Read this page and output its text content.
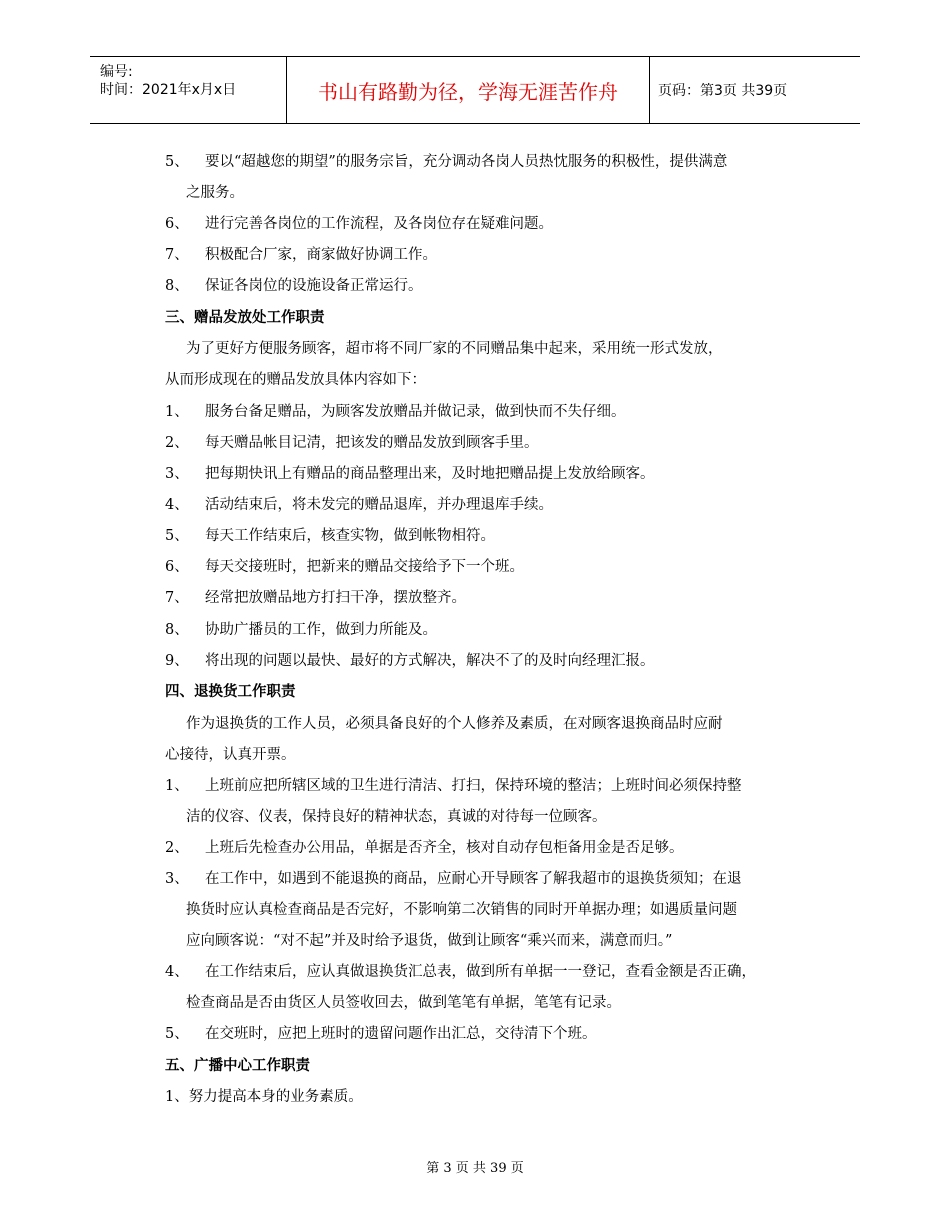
编号:
时间：2021年x月x日	书山有路勤为径，学海无涯苦作舟	页码：第3页 共39页
5、 要以“超越您的期望”的服务宗旨，充分调动各岗人员热忱服务的积极性，提供满意
之服务。
6、 进行完善各岗位的工作流程，及各岗位存在疑难问题。
7、 积极配合厂家，商家做好协调工作。
8、 保证各岗位的设施设备正常运行。
三、赠品发放处工作职责
为了更好方便服务顾客，超市将不同厂家的不同赠品集中起来，采用统一形式发放，
从而形成现在的赠品发放具体内容如下：
1、 服务台备足赠品，为顾客发放赠品并做记录，做到快而不失仔细。
2、 每天赠品帐目记清，把该发的赠品发放到顾客手里。
3、 把每期快讯上有赠品的商品整理出来，及时地把赠品提上发放给顾客。
4、 活动结束后，将未发完的赠品退库，并办理退库手续。
5、 每天工作结束后，核查实物，做到帐物相符。
6、 每天交接班时，把新来的赠品交接给予下一个班。
7、 经常把放赠品地方打扫干净，摆放整齐。
8、 协助广播员的工作，做到力所能及。
9、 将出现的问题以最快、最好的方式解决，解决不了的及时向经理汇报。
四、退换货工作职责
作为退换货的工作人员，必须具备良好的个人修养及素质，在对顾客退换商品时应耐
心接待，认真开票。
1、 上班前应把所辖区域的卫生进行清洁、打扫，保持环境的整洁；上班时间必须保持整
洁的仪容、仪表，保持良好的精神状态，真诚的对待每一位顾客。
2、 上班后先检查办公用品，单据是否齐全，核对自动存包柜备用金是否足够。
3、 在工作中，如遇到不能退换的商品，应耐心开导顾客了解我超市的退换货须知；在退
换货时应认真检查商品是否完好，不影响第二次销售的同时开单据办理；如遇质量问题
应向顾客说：“对不起”并及时给予退货，做到让顾客“乘兴而来，满意而归。”
4、 在工作结束后，应认真做退换货汇总表，做到所有单据一一登记，查看金额是否正确，
检查商品是否由货区人员签收回去，做到笔笔有单据，笔笔有记录。
5、 在交班时，应把上班时的遗留问题作出汇总，交待清下个班。
五、广播中心工作职责
1、努力提高本身的业务素质。
第 3 页 共 39 页
